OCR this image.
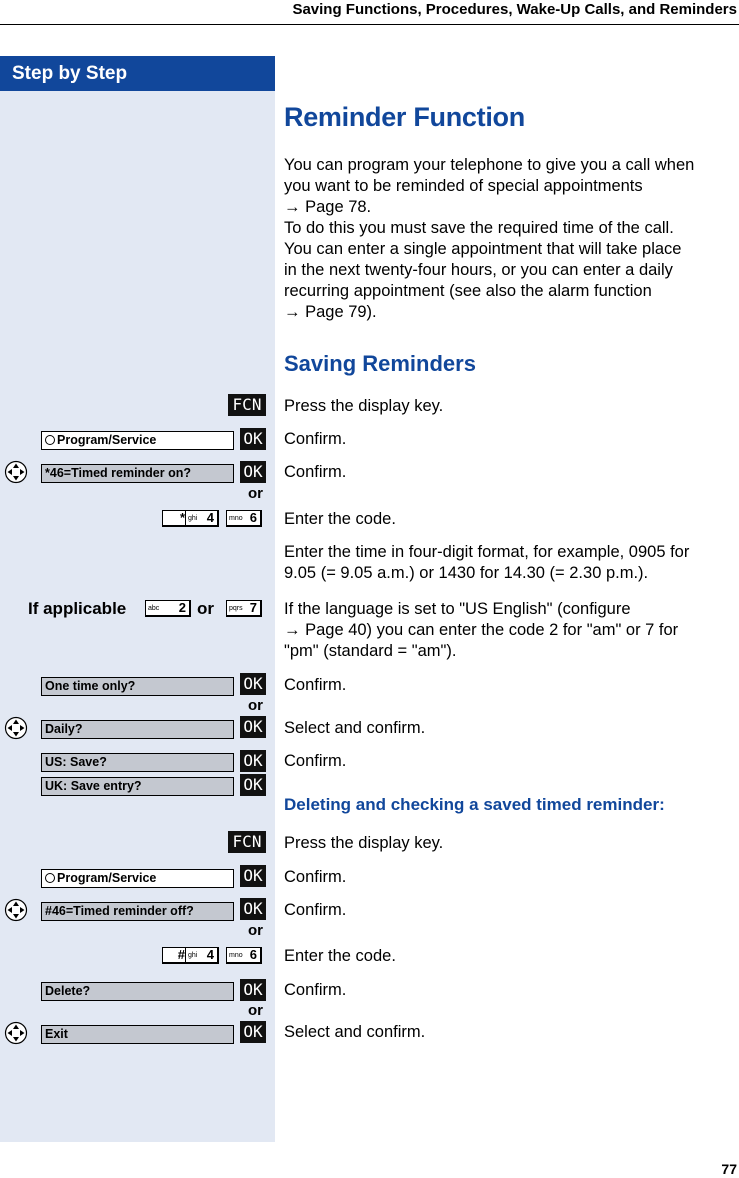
Saving Functions, Procedures, Wake-Up Calls, and Reminders
Step by Step
Reminder Function
You can program your telephone to give you a call when
you want to be reminded of special appointments
→ Page 78.
To do this you must save the required time of the call.
You can enter a single appointment that will take place
in the next twenty-four hours, or you can enter a daily
recurring appointment (see also the alarm function
→ Page 79).
Saving Reminders
FCN Press the display key.
Program/Service	OK Confirm.
*46=Timed reminder on?	OK Confirm.
or
* ghi 4	mno 6	Enter the code.
Enter the time in four-digit format, for example, 0905 for
9.05 (= 9.05 a.m.) or 1430 for 14.30 (= 2.30 p.m.).
If applicable	abc 2 or pqrs 7	If the language is set to "US English" (configure
→ Page 40) you can enter the code 2 for "am" or 7 for
"pm" (standard = "am").
One time only?	OK Confirm.
or
Daily?	OK Select and confirm.
US: Save?	OK Confirm.
UK: Save entry?	OK
Deleting and checking a saved timed reminder:
FCN Press the display key.
Program/Service	OK Confirm.
#46=Timed reminder off?	OK Confirm.
or
# ghi 4	mno 6	Enter the code.
Delete?	OK Confirm.
or
Exit	OK Select and confirm.
77
